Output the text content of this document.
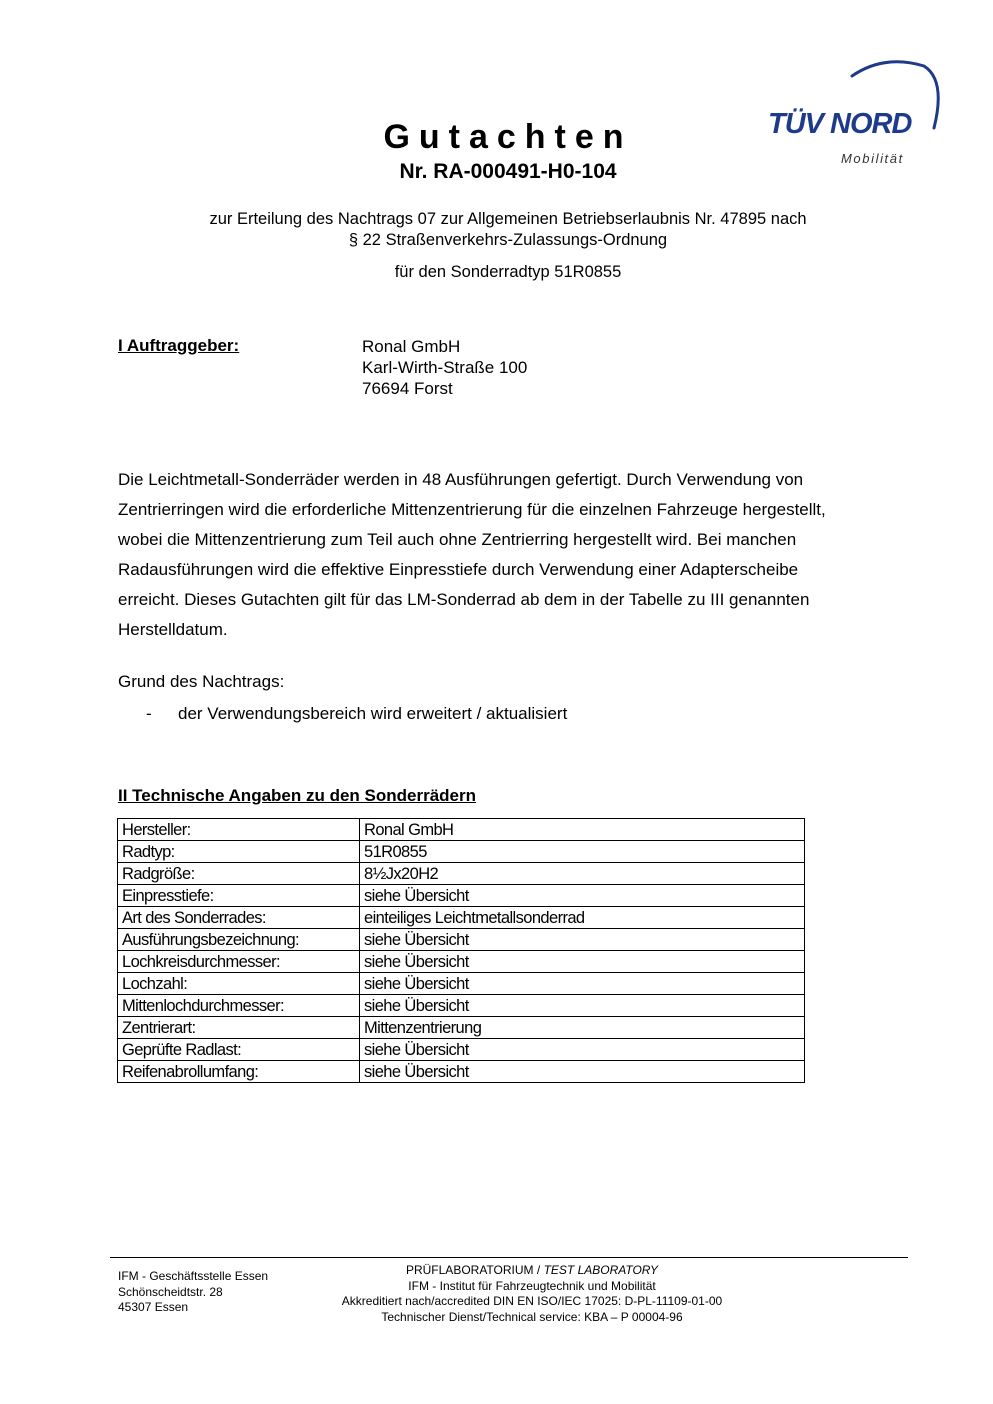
TÜV NORD
Mobilität
Gutachten
Nr. RA-000491-H0-104
zur Erteilung des Nachtrags 07 zur Allgemeinen Betriebserlaubnis Nr. 47895 nach
§ 22 Straßenverkehrs-Zulassungs-Ordnung
für den Sonderradtyp 51R0855
I Auftraggeber:	Ronal GmbH
Karl-Wirth-Straße 100
76694 Forst
Die Leichtmetall-Sonderräder werden in 48 Ausführungen gefertigt. Durch Verwendung von
Zentrierringen wird die erforderliche Mittenzentrierung für die einzelnen Fahrzeuge hergestellt,
wobei die Mittenzentrierung zum Teil auch ohne Zentrierring hergestellt wird. Bei manchen
Radausführungen wird die effektive Einpresstiefe durch Verwendung einer Adapterscheibe
erreicht. Dieses Gutachten gilt für das LM-Sonderrad ab dem in der Tabelle zu III genannten
Herstelldatum.
Grund des Nachtrags:
- der Verwendungsbereich wird erweitert / aktualisiert
II Technische Angaben zu den Sonderrädern
Hersteller:	Ronal GmbH
Radtyp:	51R0855
Radgröße:	8½Jx20H2
Einpresstiefe:	siehe Übersicht
Art des Sonderrades:	einteiliges Leichtmetallsonderrad
Ausführungsbezeichnung:	siehe Übersicht
Lochkreisdurchmesser:	siehe Übersicht
Lochzahl:	siehe Übersicht
Mittenlochdurchmesser:	siehe Übersicht
Zentrierart:	Mittenzentrierung
Geprüfte Radlast:	siehe Übersicht
Reifenabrollumfang:	siehe Übersicht
IFM - Geschäftsstelle Essen
Schönscheidtstr. 28
45307 Essen
PRÜFLABORATORIUM / TEST LABORATORY
IFM - Institut für Fahrzeugtechnik und Mobilität
Akkreditiert nach/accredited DIN EN ISO/IEC 17025: D-PL-11109-01-00
Technischer Dienst/Technical service: KBA – P 00004-96
